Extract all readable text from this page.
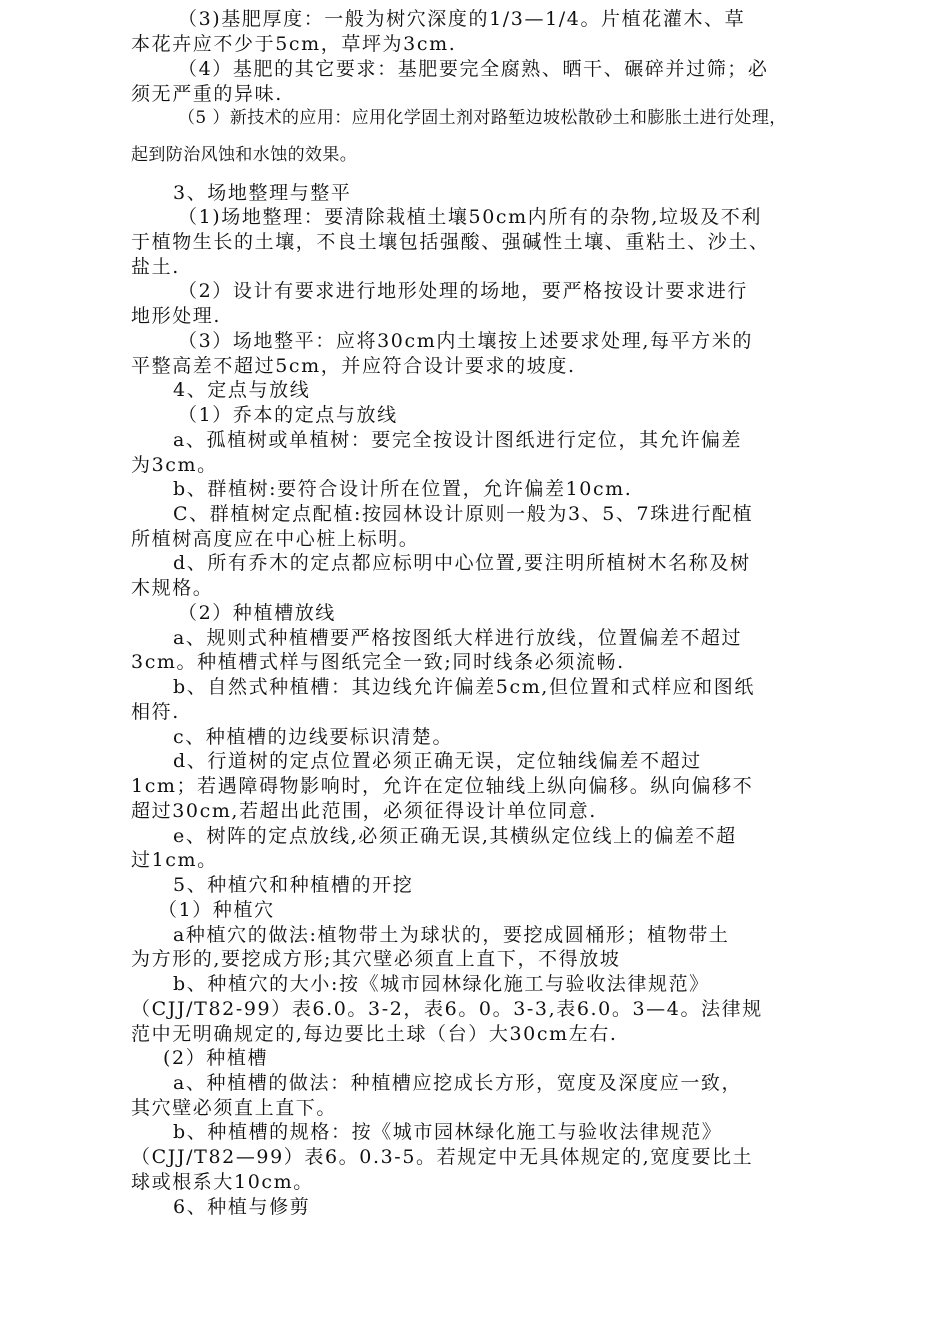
（3)基肥厚度：一般为树穴深度的1/3—1/4。片植花灌木、草
本花卉应不少于5cm，草坪为3cm.
（4）基肥的其它要求：基肥要完全腐熟、晒干、碾碎并过筛；必
须无严重的异味.
（5 ）新技术的应用：应用化学固土剂对路堑边坡松散砂土和膨胀土进行处理，
起到防治风蚀和水蚀的效果。
3、场地整理与整平
（1)场地整理：要清除栽植土壤50cm内所有的杂物,垃圾及不利
于植物生长的土壤，不良土壤包括强酸、强碱性土壤、重粘土、沙土、
盐土.
（2）设计有要求进行地形处理的场地，要严格按设计要求进行
地形处理.
（3）场地整平：应将30cm内土壤按上述要求处理,每平方米的
平整高差不超过5cm，并应符合设计要求的坡度.
4、定点与放线
（1）乔本的定点与放线
a、孤植树或单植树：要完全按设计图纸进行定位，其允许偏差
为3cm。
b、群植树:要符合设计所在位置，允许偏差10cm.
C、群植树定点配植:按园林设计原则一般为3、5、7珠进行配植
所植树高度应在中心桩上标明。
d、所有乔木的定点都应标明中心位置,要注明所植树木名称及树
木规格。
（2）种植槽放线
a、规则式种植槽要严格按图纸大样进行放线，位置偏差不超过
3cm。种植槽式样与图纸完全一致;同时线条必须流畅.
b、自然式种植槽：其边线允许偏差5cm,但位置和式样应和图纸
相符.
c、种植槽的边线要标识清楚。
d、行道树的定点位置必须正确无误，定位轴线偏差不超过
1cm；若遇障碍物影响时，允许在定位轴线上纵向偏移。纵向偏移不
超过30cm,若超出此范围，必须征得设计单位同意.
e、树阵的定点放线,必须正确无误,其横纵定位线上的偏差不超
过1cm。
5、种植穴和种植槽的开挖
（1）种植穴
a种植穴的做法:植物带土为球状的，要挖成圆桶形；植物带土
为方形的,要挖成方形;其穴壁必须直上直下，不得放坡
b、种植穴的大小:按《城市园林绿化施工与验收法律规范》
（CJJ/T82-99）表6.0。3-2，表6。0。3-3,表6.0。3—4。法律规
范中无明确规定的,每边要比土球（台）大30cm左右.
(2）种植槽
a、种植槽的做法：种植槽应挖成长方形，宽度及深度应一致，
其穴壁必须直上直下。
b、种植槽的规格：按《城市园林绿化施工与验收法律规范》
（CJJ/T82—99）表6。0.3-5。若规定中无具体规定的,宽度要比土
球或根系大10cm。
6、种植与修剪
